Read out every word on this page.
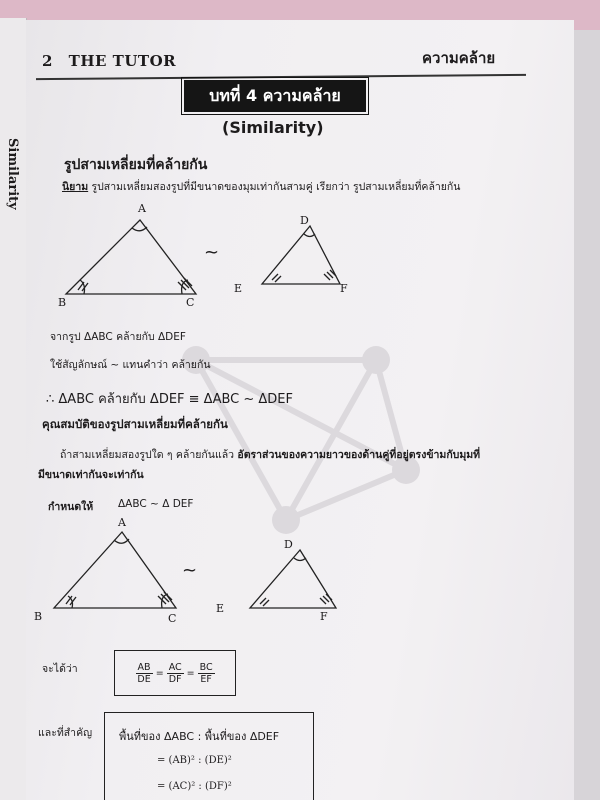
Similarity
2 THE TUTOR	ความคล้าย
บทที่ 4 ความคล้าย
(Similarity)
รูปสามเหลี่ยมที่คล้ายกัน
นิยาม รูปสามเหลี่ยมสองรูปที่มีขนาดของมุมเท่ากันสามคู่ เรียกว่า รูปสามเหลี่ยมที่คล้ายกัน
A
B	C
~
D
E	F
จากรูป ΔABC คล้ายกับ ΔDEF
ใช้สัญลักษณ์ ~ แทนคำว่า คล้ายกัน
∴ ΔABC คล้ายกับ ΔDEF ≡ ΔABC ~ ΔDEF
คุณสมบัติของรูปสามเหลี่ยมที่คล้ายกัน
ถ้าสามเหลี่ยมสองรูปใด ๆ คล้ายกันแล้ว อัตราส่วนของความยาวของด้านคู่ที่อยู่ตรงข้ามกับมุมที่
มีขนาดเท่ากันจะเท่ากัน
กำหนดให้ ΔABC ~ Δ DEF
A
B	C
~
D
E
F
จะได้ว่า	$\frac{AB}{DE} = \frac{AC}{DF} = \frac{BC}{EF}$
และที่สำคัญ พื้นที่ของ ΔABC : พื้นที่ของ ΔDEF
= (AB)² : (DE)²
= (AC)² : (DF)²
